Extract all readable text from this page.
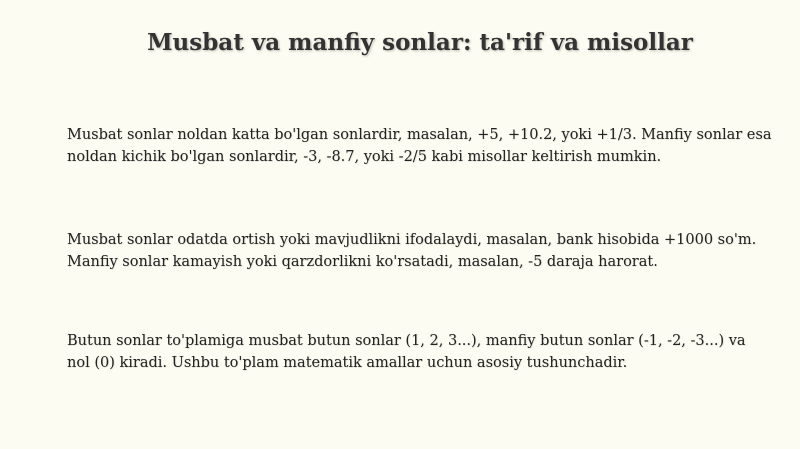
Musbat va manfiy sonlar: ta'rif va misollar

Musbat sonlar noldan katta bo'lgan sonlardir, masalan, +5, +10.2, yoki +1/3. Manfiy sonlar esa noldan kichik bo'lgan sonlardir, -3, -8.7, yoki -2/5 kabi misollar keltirish mumkin.

Musbat sonlar odatda ortish yoki mavjudlikni ifodalaydi, masalan, bank hisobida +1000 so'm. Manfiy sonlar kamayish yoki qarzdorlikni ko'rsatadi, masalan, -5 daraja harorat.

Butun sonlar to'plamiga musbat butun sonlar (1, 2, 3...), manfiy butun sonlar (-1, -2, -3...) va nol (0) kiradi. Ushbu to'plam matematik amallar uchun asosiy tushunchadir.
